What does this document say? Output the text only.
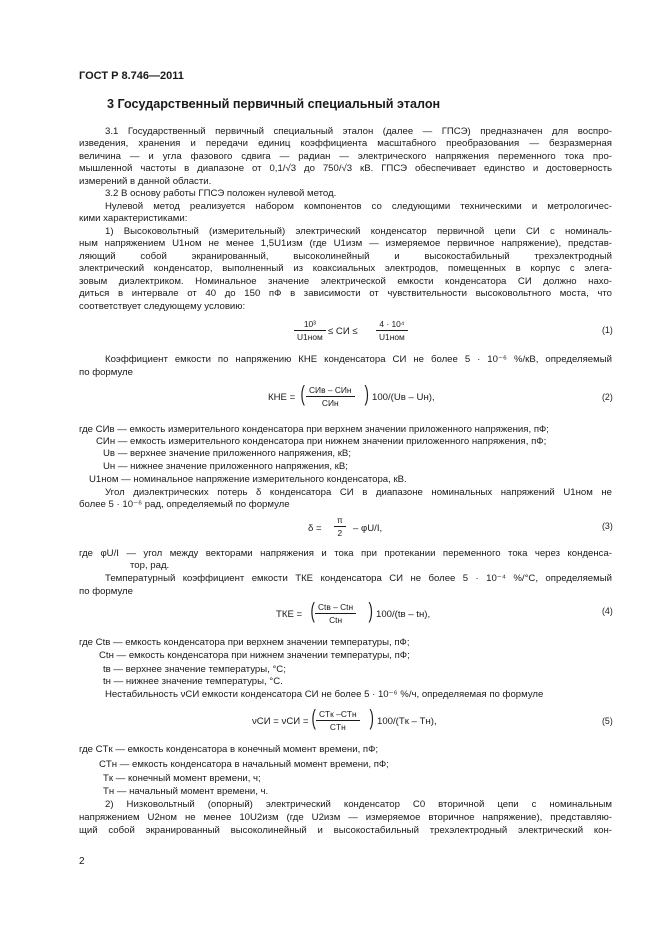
ГОСТ Р 8.746—2011
3 Государственный первичный специальный эталон
3.1 Государственный первичный специальный эталон (далее — ГПСЭ) предназначен для воспро-
изведения, хранения и передачи единиц коэффициента масштабного преобразования — безразмерная
величина — и угла фазового сдвига — радиан — электрического напряжения переменного тока про-
мышленной частоты в диапазоне от 0,1/√3 до 750/√3 кВ. ГПСЭ обеспечивает единство и достоверность
измерений в данной области.
3.2 В основу работы ГПСЭ положен нулевой метод.
Нулевой метод реализуется набором компонентов со следующими техническими и метрологичес-
кими характеристиками:
1) Высоковольтный (измерительный) электрический конденсатор первичной цепи CИ с номиналь-
ным напряжением U1ном не менее 1,5U1изм (где U1изм — измеряемое первичное напряжение), представ-
ляющий собой экранированный, высоколинейный и высокостабильный трехэлектродный
электрический конденсатор, выполненный из коаксиальных электродов, помещенных в корпус с элегa-
зовым диэлектриком. Номинальное значение электрической емкости конденсатора CИ должно нахо-
диться в интервале от 40 до 150 пФ в зависимости от чувствительности высоковольтного моста, что
соответствует следующему условию:
10³
U1ном ≤ CИ ≤
4 · 10⁴
U1ном
(1)
Коэффициент емкости по напряжению КНЕ конденсатора CИ не более 5 · 10⁻⁶ %/кВ, определяемый
по формуле
КНЕ = ( CИв – CИн
CИн	) 100/(Uв – Uн),	(2)
где CИв — емкость измерительного конденсатора при верхнем значении приложенного напряжения, пФ;
CИн — емкость измерительного конденсатора при нижнем значении приложенного напряжения, пФ;
Uв — верхнее значение приложенного напряжения, кВ;
Uн — нижнее значение приложенного напряжения, кВ;
U1ном — номинальное напряжение измерительного конденсатора, кВ.
Угол диэлектрических потерь δ конденсатора CИ в диапазоне номинальных напряжений U1ном не
более 5 · 10⁻⁶ рад, определяемый по формуле
$\delta = \frac{\pi}{2} - \varphi U/I$,	(3)
где φU/I — угол между векторами напряжения и тока при протекании переменного тока через конденса-
тор, рад.
Температурный коэффициент емкости ТКЕ конденсатора CИ не более 5 · 10⁻⁴ %/°С, определяемый
по формуле
ТКЕ = ( Ctв – Ctн
Ctн	) 100/(tв – tн),	(4)
где Ctв — емкость конденсатора при верхнем значении температуры, пФ;
Ctн — емкость конденсатора при нижнем значении температуры, пФ;
tв — верхнее значение температуры, °С;
tн — нижнее значение температуры, °С.
Нестабильность νCИ емкости конденсатора CИ не более 5 · 10⁻⁶ %/ч, определяемая по формуле
νCИ = νCИ = ( CTк –CTн
CTн	) 100/(Tк – Tн),	(5)
где CTк — емкость конденсатора в конечный момент времени, пФ;
CTн — емкость конденсатора в начальный момент времени, пФ;
Tк — конечный момент времени, ч;
Tн — начальный момент времени, ч.
2) Низковольтный (опорный) электрический конденсатор C0 вторичной цепи с номинальным
напряжением U2ном не менее 10U2изм (где U2изм — измеряемое вторичное напряжение), представляю-
щий собой экранированный высоколинейный и высокостабильный трехэлектродный электрический кон-
2
